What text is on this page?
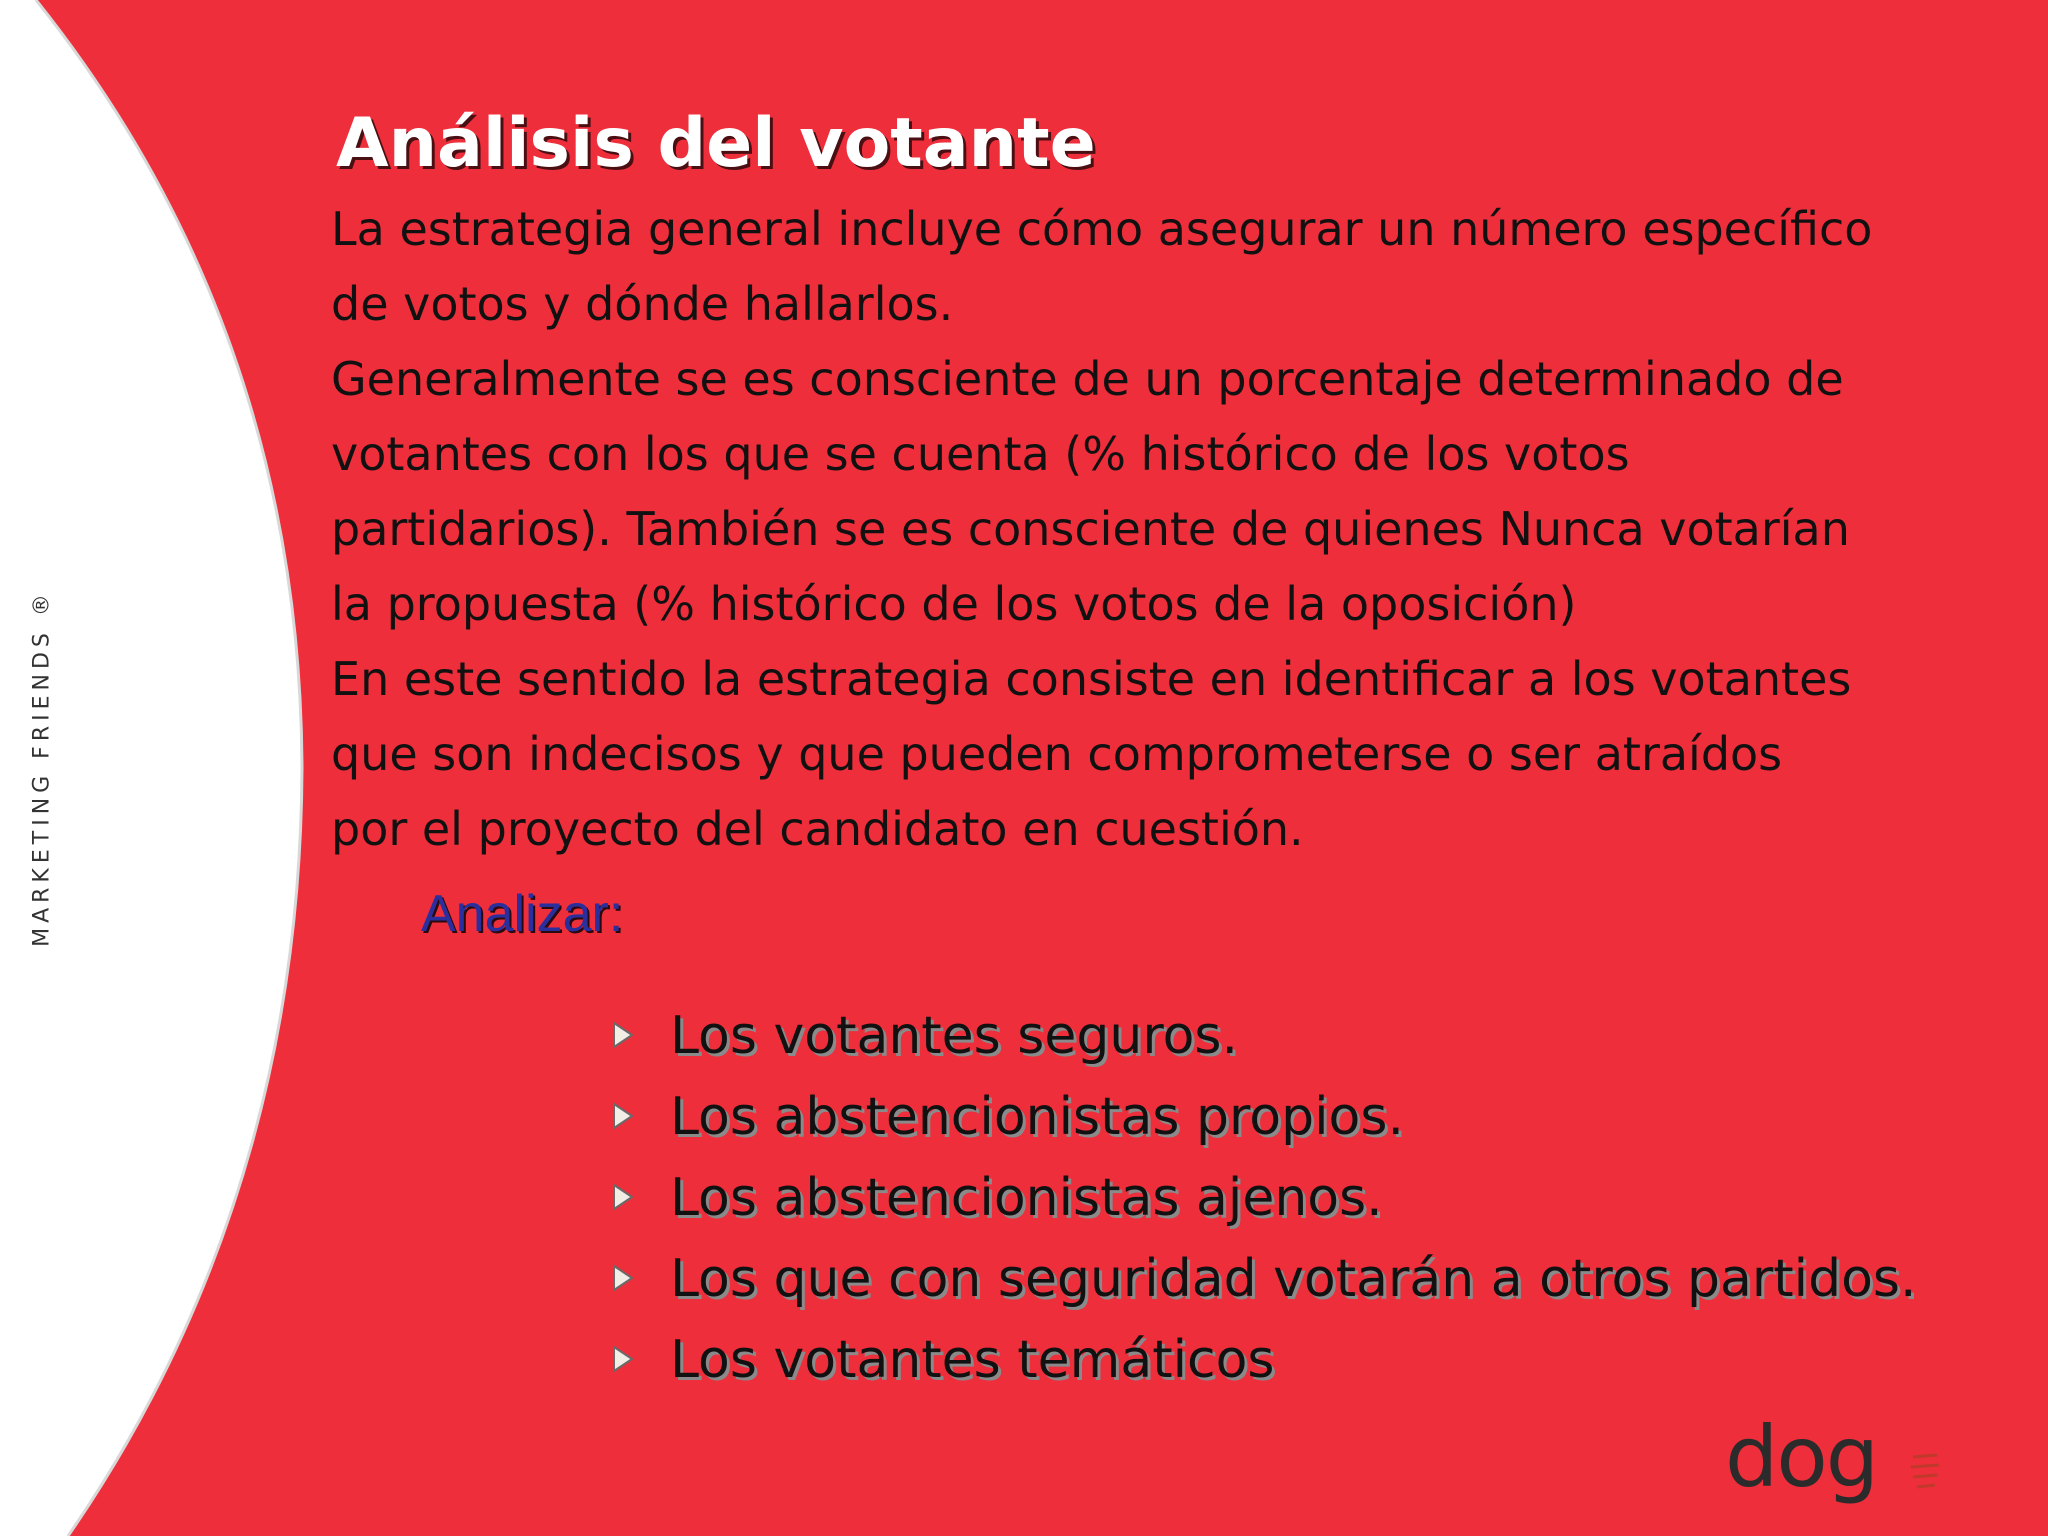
MARKETING FRIENDS ®
Análisis del votante

La estrategia general incluye cómo asegurar un número específico

de votos y dónde hallarlos.

Generalmente se es consciente de un porcentaje determinado de

votantes con los que se cuenta (% histórico de los votos

partidarios). También se es consciente de quienes Nunca votarían

la propuesta (% histórico de los votos de la oposición)

En este sentido la estrategia consiste en identificar a los votantes

que son indecisos y que pueden comprometerse o ser atraídos

por el proyecto del candidato en cuestión.

Analizar:
Los votantes seguros.
Los abstencionistas propios.
Los abstencionistas ajenos.
Los que con seguridad votarán a otros partidos.
Los votantes temáticos
dog
